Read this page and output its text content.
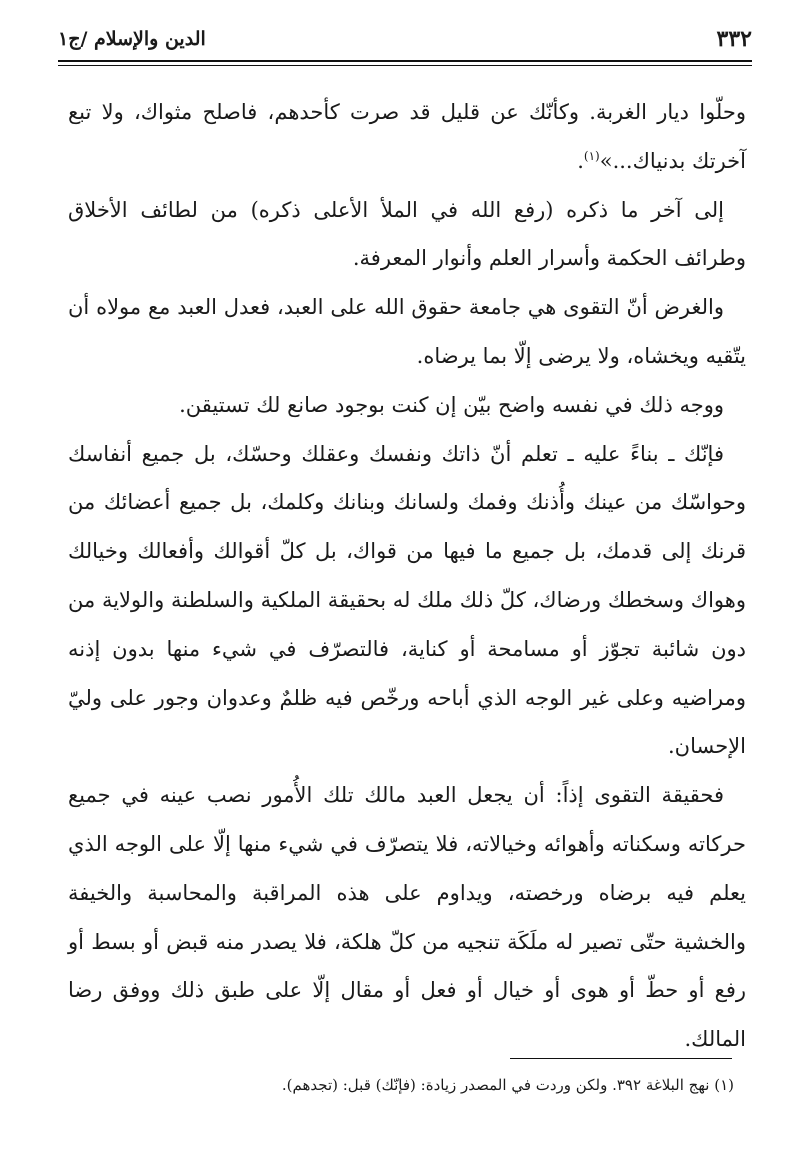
٣٣٢
الدين والإسلام /ج١

وحلّوا ديار الغربة. وكأنّك عن قليل قد صرت كأحدهم، فاصلح مثواك، ولا تبع آخرتك بدنياك...»$^{(١)}$.

إلى آخر ما ذكره (رفع الله في الملأ الأعلى ذكره) من لطائف الأخلاق وطرائف الحكمة وأسرار العلم وأنوار المعرفة.

والغرض أنّ التقوى هي جامعة حقوق الله على العبد، فعدل العبد مع مولاه أن يتّقيه ويخشاه، ولا يرضى إلّا بما يرضاه.

ووجه ذلك في نفسه واضح بيّن إن كنت بوجود صانع لك تستيقن.

فإنّك ـ بناءً عليه ـ تعلم أنّ ذاتك ونفسك وعقلك وحسّك، بل جميع أنفاسك وحواسّك من عينك وأُذنك وفمك ولسانك وبنانك وكلمك، بل جميع أعضائك من قرنك إلى قدمك، بل جميع ما فيها من قواك، بل كلّ أقوالك وأفعالك وخيالك وهواك وسخطك ورضاك، كلّ ذلك ملك له بحقيقة الملكية والسلطنة والولاية من دون شائبة تجوّز أو مسامحة أو كناية، فالتصرّف في شيء منها بدون إذنه ومراضيه وعلى غير الوجه الذي أباحه ورخّص فيه ظلمٌ وعدوان وجور على وليّ الإحسان.

فحقيقة التقوى إذاً: أن يجعل العبد مالك تلك الأُمور نصب عينه في جميع حركاته وسكناته وأهوائه وخيالاته، فلا يتصرّف في شيء منها إلّا على الوجه الذي يعلم فيه برضاه ورخصته، ويداوم على هذه المراقبة والمحاسبة والخيفة والخشية حتّى تصير له ملَكَة تنجيه من كلّ هلكة، فلا يصدر منه قبض أو بسط أو رفع أو حطّ أو هوى أو خيال أو فعل أو مقال إلّا على طبق ذلك ووفق رضا المالك.

(١) نهج البلاغة ٣٩٢. ولكن وردت في المصدر زيادة: (فإنّك) قبل: (تجدهم).
